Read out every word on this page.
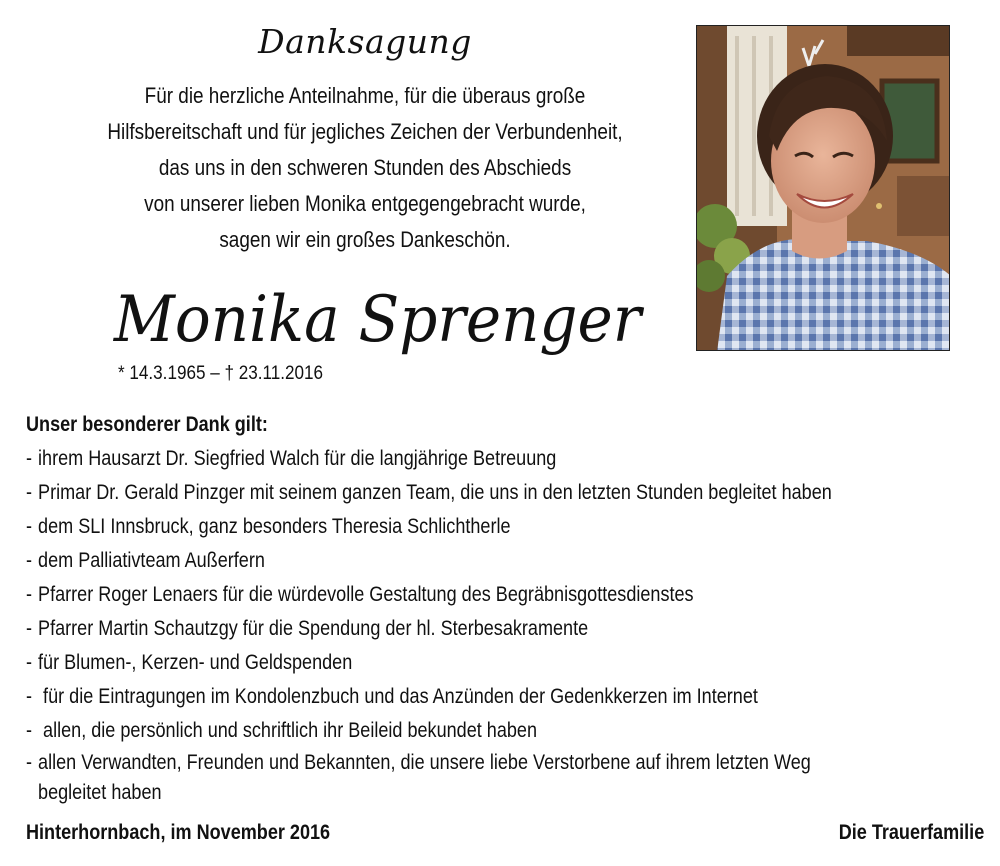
Danksagung
Für die herzliche Anteilnahme, für die überaus große
Hilfsbereitschaft und für jegliches Zeichen der Verbundenheit,
das uns in den schweren Stunden des Abschieds
von unserer lieben Monika entgegengebracht wurde,
sagen wir ein großes Dankeschön.
Monika Sprenger
* 14.3.1965 – † 23.11.2016
Unser besonderer Dank gilt:
- ihrem Hausarzt Dr. Siegfried Walch für die langjährige Betreuung
- Primar Dr. Gerald Pinzger mit seinem ganzen Team, die uns in den letzten Stunden begleitet haben
- dem SLI Innsbruck, ganz besonders Theresia Schlichtherle
- dem Palliativteam Außerfern
- Pfarrer Roger Lenaers für die würdevolle Gestaltung des Begräbnisgottesdienstes
- Pfarrer Martin Schautzgy für die Spendung der hl. Sterbesakramente
- für Blumen-, Kerzen- und Geldspenden
- für die Eintragungen im Kondolenzbuch und das Anzünden der Gedenkkerzen im Internet
- allen, die persönlich und schriftlich ihr Beileid bekundet haben
- allen Verwandten, Freunden und Bekannten, die unsere liebe Verstorbene auf ihrem letzten Weg
begleitet haben
Hinterhornbach, im November 2016	Die Trauerfamilie
